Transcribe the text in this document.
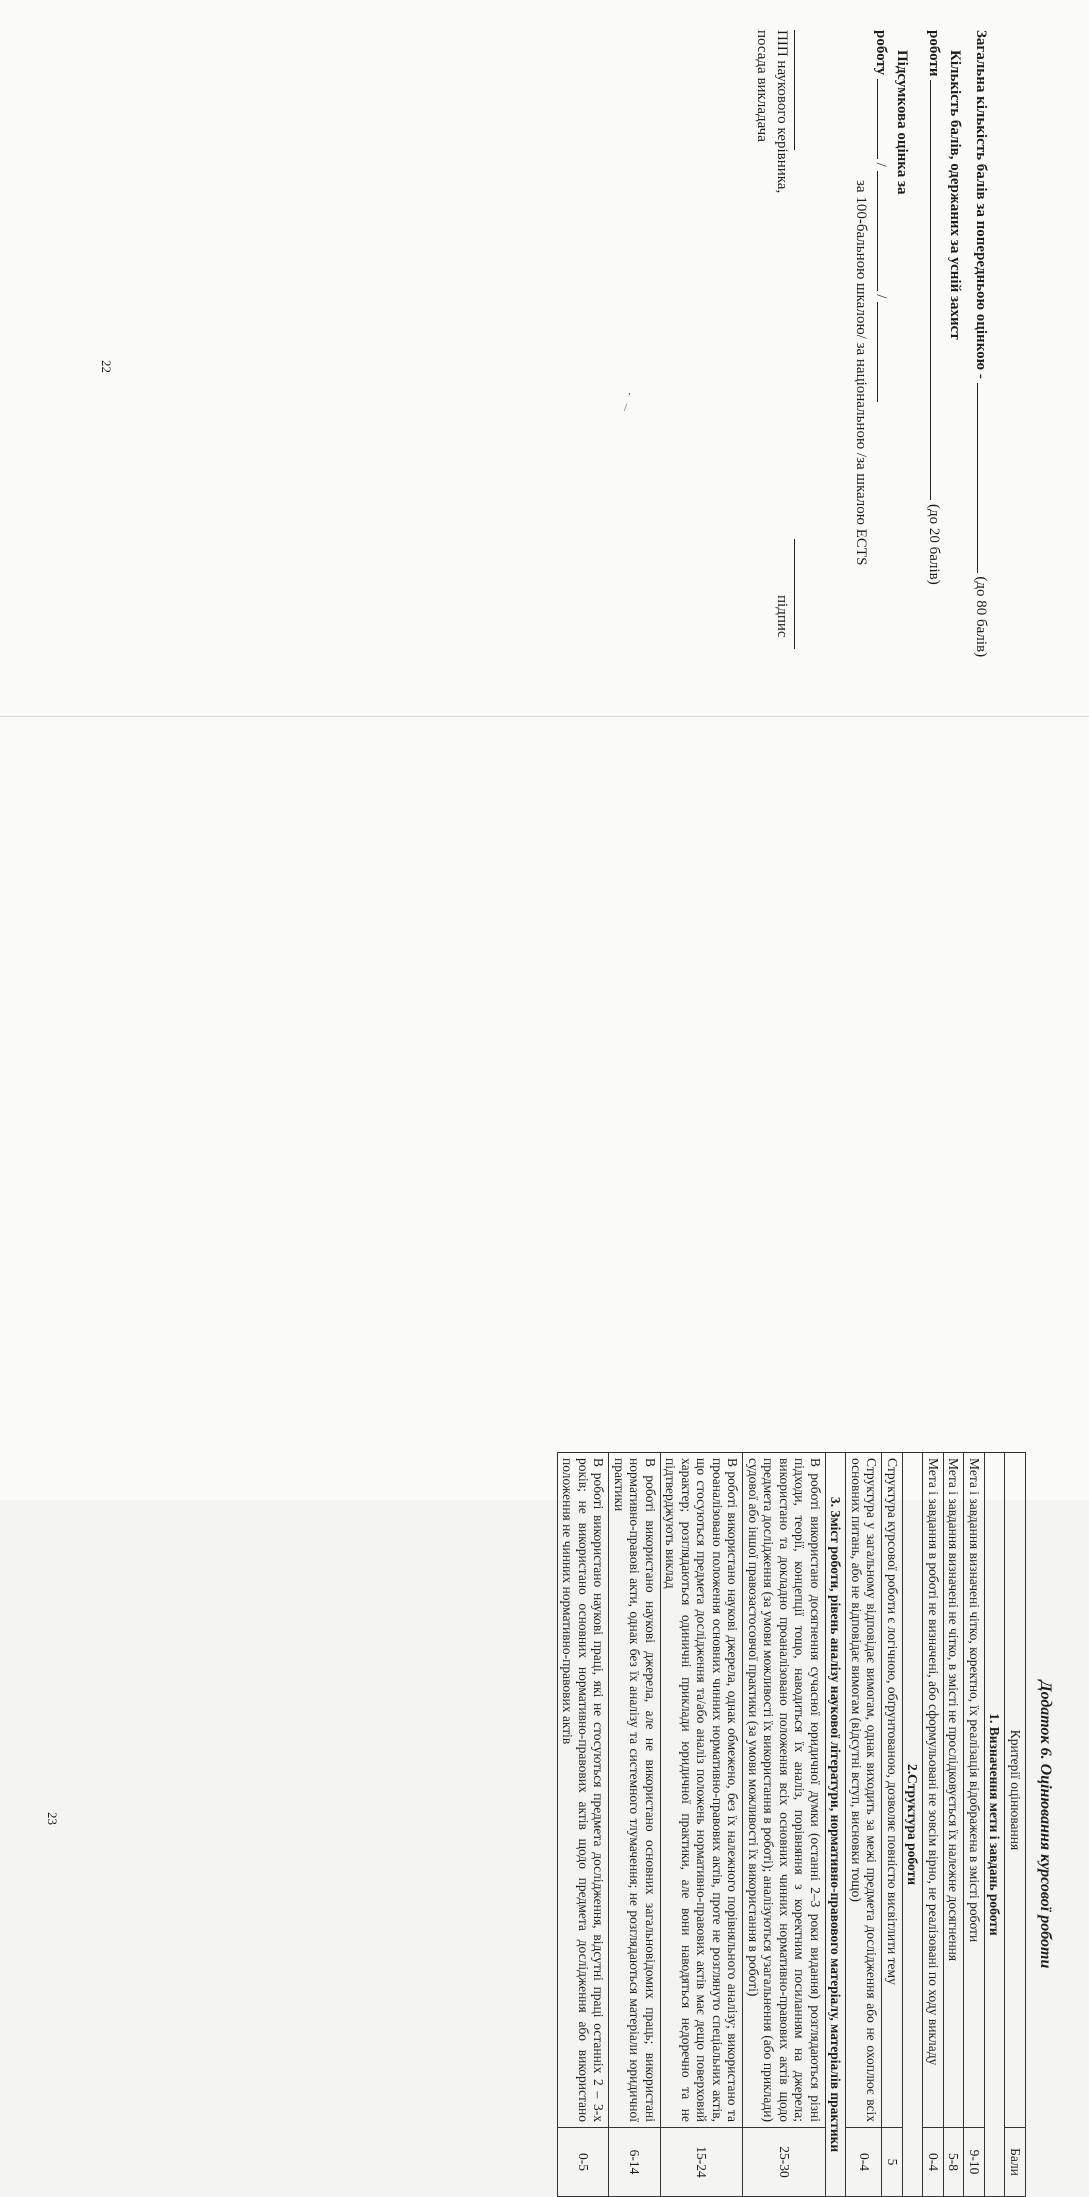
Загальна кількість балів за попередньою оцінкою -  (до 80 балів)
Кількість балів, одержаних за усній захист
роботи  (до 20 балів)
Підсумкова оцінка за
роботу  /  /
за 100-бальною шкалою/ за національною /за шкалою ECTS

ПІП наукового керівника,
посада викладача
підпис
22
,
/
Додаток 6. Оцінювання курсової роботи
Критерії оцінювання	Бали
1. Визначення мети і завдань роботи	
Мета і завдання визначені чітко, коректно, їх реалізація відображена в змісті роботи	9-10
Мета і завдання визначені не чітко, в змісті не прослідковується їх належне досягнення	5-8
Мета і завдання в роботі не визначені, або сформульовані не зовсім вірно, не реалізовані по ходу викладу	0-4
2.Структура роботи	
Структура курсової роботи є логічною, обґрунтованою, дозволяє повністю висвітлити тему	5
Структура у загальному відповідає вимогам, однак виходить за межі предмета дослідження або не охоплює всіх основних питань, або не відповідає вимогам (відсутні вступ, висновки тощо)	0-4
3. Зміст роботи, рівень аналізу наукової літератури, нормативно-правового матеріалу, матеріалів практики	
В роботі використано досягнення сучасної юридичної думки (останні 2–3 роки видання) розглядаються різні підходи, теорії, концепції тощо, наводиться їх аналіз, порівняння з коректним посиланням на джерела; використано та докладно проаналізовано положення всіх основних чинних нормативно-правових актів щодо предмета дослідження (за умови можливості їх використання в роботі); аналізуються узагальнення (або приклади) судової або іншої правозастосовчої практики (за умови можливості їх використання в роботі)	25-30
В роботі використано наукові джерела, однак обмежено, без їх належного порівняльного аналізу; використано та проаналізовано положення основних чинних нормативно-правових актів, проте не розглянуто спеціальних актів, що стосуються предмета дослідження та/або аналіз положень нормативно-правових актів має дещо поверховий характер; розглядаються одиничні приклади юридичної практики, але вони наводяться недоречно та не підтверджують виклад	15-24
В роботі використано наукові джерела, але не використано основних загальновідомих праць; використані нормативно-правові акти, однак без їх аналізу та системного тлумачення; не розглядаються матеріали юридичної практики	6-14
В роботі використано наукові праці, які не стосуються предмета дослідження, відсутні праці останніх 2 – 3-х років; не використано основних нормативно-правових актів щодо предмета дослідження або використано положення не чинних нормативно-правових актів	0-5
23
